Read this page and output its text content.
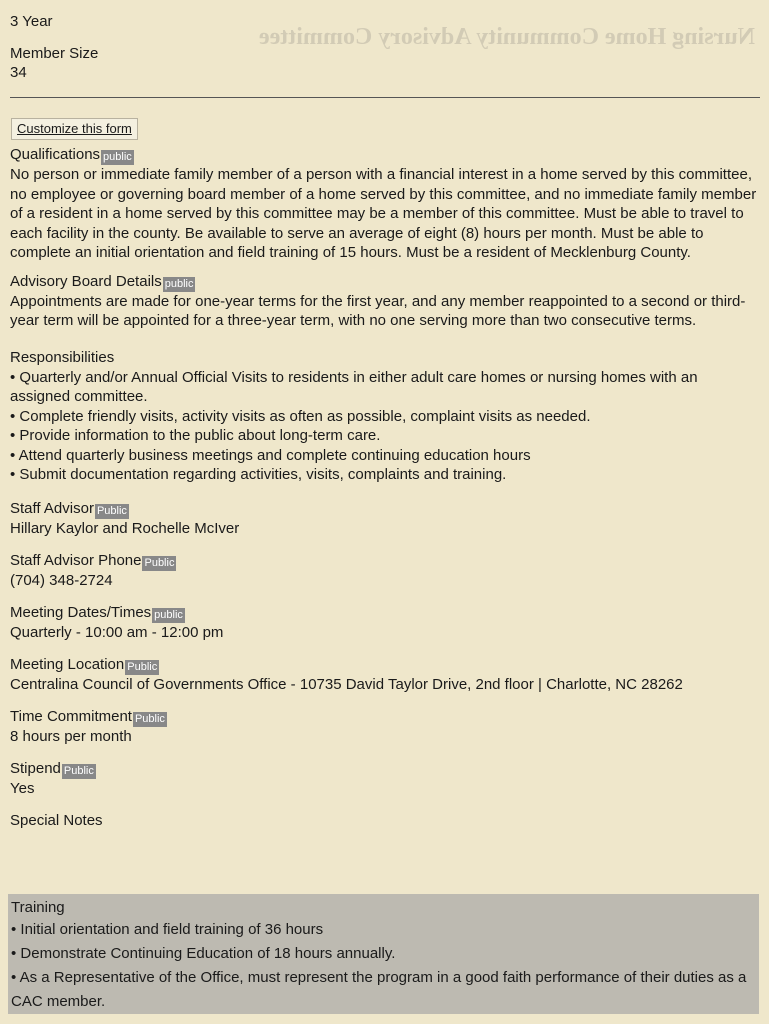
Nursing Home Community Advisory Committee
3 Year
Member Size
34
Customize this form
Qualifications public
No person or immediate family member of a person with a financial interest in a home served by this committee, no employee or governing board member of a home served by this committee, and no immediate family member of a resident in a home served by this committee may be a member of this committee. Must be able to travel to each facility in the county. Be available to serve an average of eight (8) hours per month. Must be able to complete an initial orientation and field training of 15 hours. Must be a resident of Mecklenburg County.
Advisory Board Details public
Appointments are made for one-year terms for the first year, and any member reappointed to a second or third- year term will be appointed for a three-year term, with no one serving more than two consecutive terms.
Responsibilities
• Quarterly and/or Annual Official Visits to residents in either adult care homes or nursing homes with an assigned committee.
• Complete friendly visits, activity visits as often as possible, complaint visits as needed.
• Provide information to the public about long-term care.
• Attend quarterly business meetings and complete continuing education hours
• Submit documentation regarding activities, visits, complaints and training.
Staff Advisor Public
Hillary Kaylor and Rochelle McIver
Staff Advisor Phone Public
(704) 348-2724
Meeting Dates/Times public
Quarterly - 10:00 am - 12:00 pm
Meeting Location Public
Centralina Council of Governments Office - 10735 David Taylor Drive, 2nd floor | Charlotte, NC 28262
Time Commitment Public
8 hours per month
Stipend Public
Yes
Special Notes
Training
• Initial orientation and field training of 36 hours
• Demonstrate Continuing Education of 18 hours annually.
• As a Representative of the Office, must represent the program in a good faith performance of their duties as a CAC member.
